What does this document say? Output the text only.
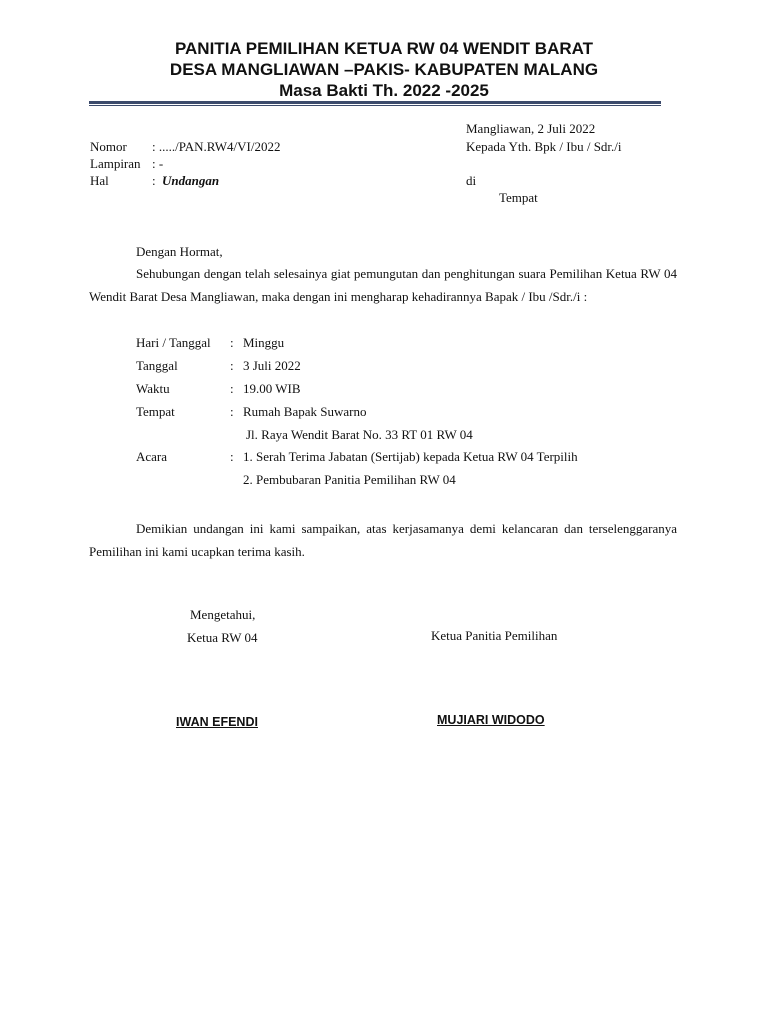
PANITIA PEMILIHAN KETUA RW 04 WENDIT BARAT
DESA MANGLIAWAN –PAKIS- KABUPATEN MALANG
Masa Bakti Th. 2022 -2025
Mangliawan, 2 Juli 2022
Nomor : ...../PAN.RW4/VI/2022	Kepada Yth. Bpk / Ibu / Sdr./i
Lampiran : -
Hal	: Undangan	di
Tempat
Dengan Hormat,
Sehubungan dengan telah selesainya giat pemungutan dan penghitungan suara Pemilihan Ketua RW 04 Wendit Barat Desa Mangliawan, maka dengan ini mengharap kehadirannya Bapak / Ibu /Sdr./i :
Hari / Tanggal : Minggu
Tanggal	: 3 Juli 2022
Waktu	: 19.00 WIB
Tempat	: Rumah Bapak Suwarno
Jl. Raya Wendit Barat No. 33 RT 01 RW 04
Acara	: 1. Serah Terima Jabatan (Sertijab) kepada Ketua RW 04 Terpilih
2. Pembubaran Panitia Pemilihan RW 04
Demikian undangan ini kami sampaikan, atas kerjasamanya demi kelancaran dan terselenggaranya Pemilihan ini kami ucapkan terima kasih.
Mengetahui,
Ketua RW 04	Ketua Panitia Pemilihan
IWAN EFENDI	MUJIARI WIDODO
